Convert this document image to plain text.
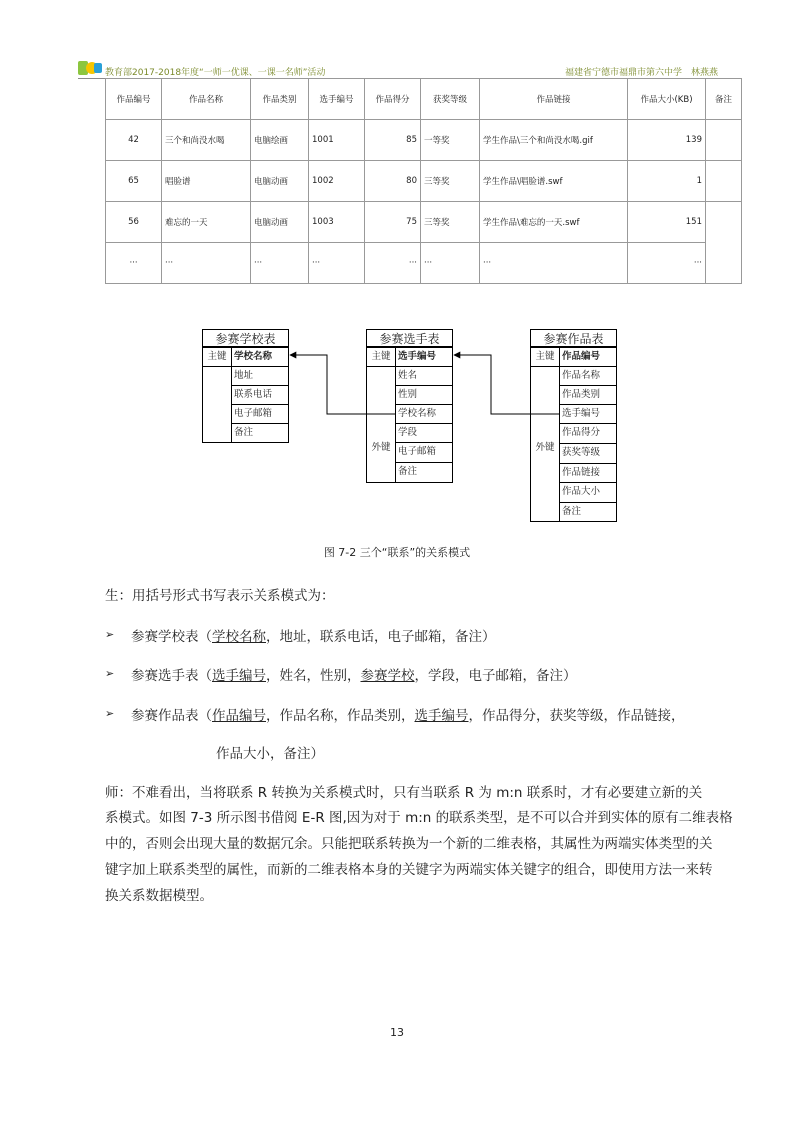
教育部2017-2018年度“一师一优课、一课一名师”活动	福建省宁德市福鼎市第六中学　林燕燕
作品编号	作品名称	作品类别	选手编号	作品得分	获奖等级	作品链接	作品大小(KB)	备注
42	三个和尚没水喝	电脑绘画	1001	85	一等奖	学生作品\三个和尚没水喝.gif	139	
65	唱脸谱	电脑动画	1002	80	三等奖	学生作品\唱脸谱.swf	1	
56	难忘的一天	电脑动画	1003	75	三等奖	学生作品\难忘的一天.swf	151	
···	···	···	···	···	···	···	···	
参赛学校表
主键 学校名称
地址
联系电话
电子邮箱
备注
参赛选手表
主键 选手编号
外键
姓名
性别
学校名称
学段
电子邮箱
备注
参赛作品表
主键 作品编号
外键
作品名称
作品类别
选手编号
作品得分
获奖等级
作品链接
作品大小
备注
图 7-2 三个“联系”的关系模式
生：用括号形式书写表示关系模式为：
➢ 参赛学校表（学校名称，地址，联系电话，电子邮箱，备注）
➢ 参赛选手表（选手编号，姓名，性别，参赛学校，学段，电子邮箱，备注）
➢ 参赛作品表（作品编号，作品名称，作品类别，选手编号，作品得分，获奖等级，作品链接，
作品大小，备注）
师：不难看出，当将联系 R 转换为关系模式时，只有当联系 R 为 m:n 联系时，才有必要建立新的关
系模式。如图 7-3 所示图书借阅 E-R 图,因为对于 m:n 的联系类型，是不可以合并到实体的原有二维表格
中的，否则会出现大量的数据冗余。只能把联系转换为一个新的二维表格，其属性为两端实体类型的关
键字加上联系类型的属性，而新的二维表格本身的关键字为两端实体关键字的组合，即使用方法一来转
换关系数据模型。
13
